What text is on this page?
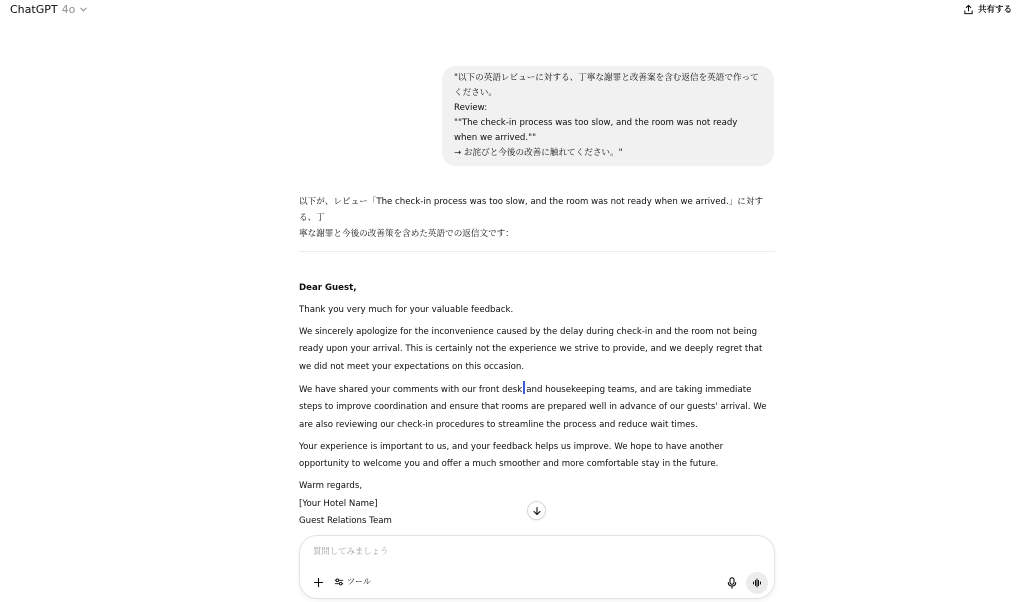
ChatGPT 4o	共有する
"以下の英語レビューに対する、丁寧な謝罪と改善案を含む返信を英語で作って
ください。
Review:
""The check-in process was too slow, and the room was not ready
when we arrived.""
→ お詫びと今後の改善に触れてください。"
以下が、レビュー「The check-in process was too slow, and the room was not ready when we arrived.」に対する、丁
寧な謝罪と今後の改善策を含めた英語での返信文です：

Dear Guest,

Thank you very much for your valuable feedback.

We sincerely apologize for the inconvenience caused by the delay during check-in and the room not being
ready upon your arrival. This is certainly not the experience we strive to provide, and we deeply regret that
we did not meet your expectations on this occasion.

We have shared your comments with our front desk and housekeeping teams, and are taking immediate
steps to improve coordination and ensure that rooms are prepared well in advance of our guests' arrival. We
are also reviewing our check-in procedures to streamline the process and reduce wait times.

Your experience is important to us, and your feedback helps us improve. We hope to have another
opportunity to welcome you and offer a much smoother and more comfortable stay in the future.

Warm regards,
[Your Hotel Name]
Guest Relations Team
質問してみましょう
ツール
